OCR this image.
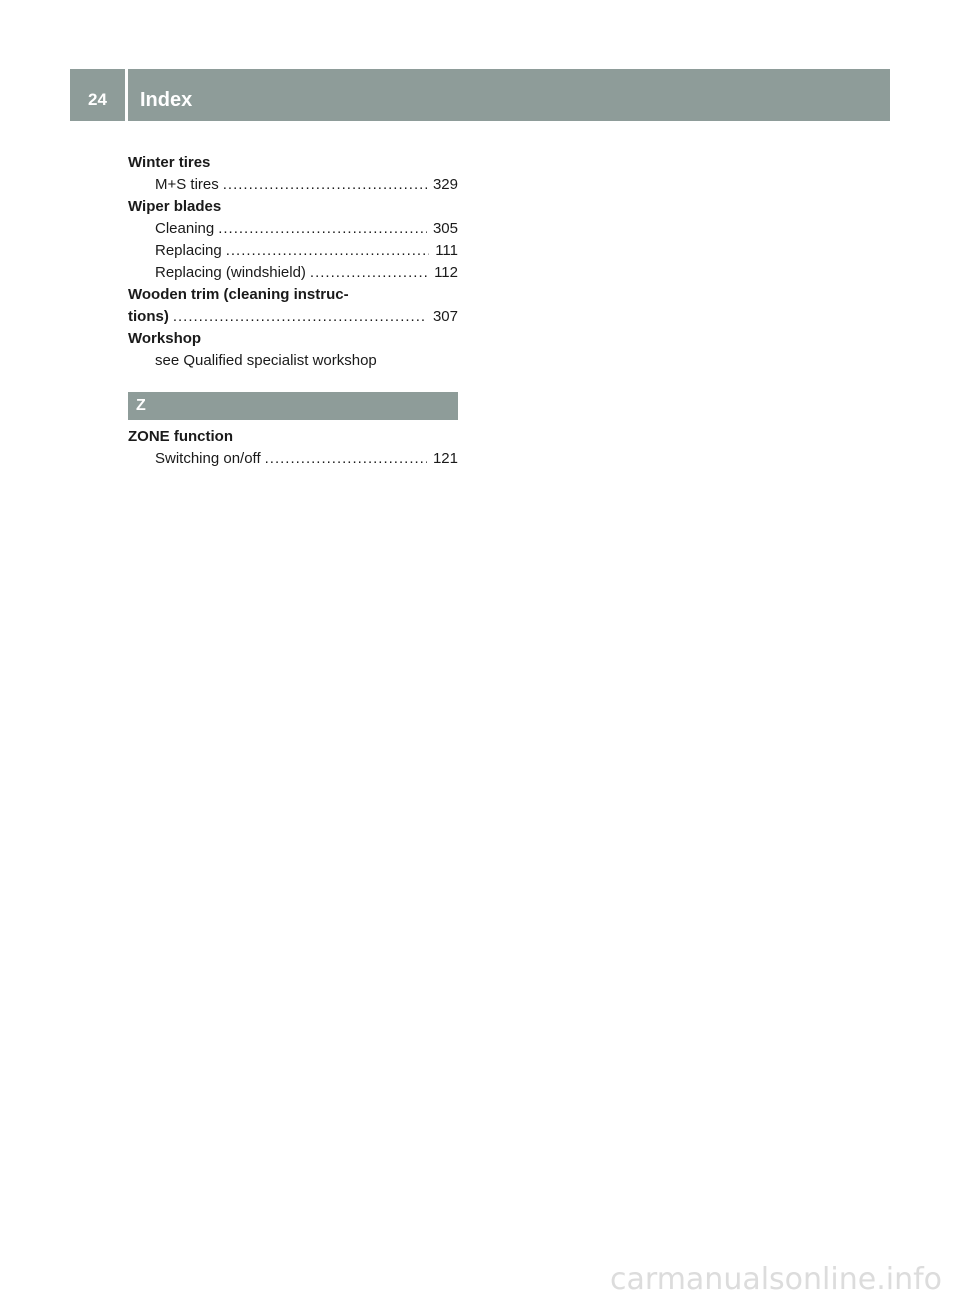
24	Index
Winter tires
M+S tires .....	329
Wiper blades
Cleaning .....	305
Replacing .....	111
Replacing (windshield) .....	112
Wooden trim (cleaning instruc-
tions) .....	307
Workshop
see Qualified specialist workshop
Z
ZONE function
Switching on/off .....	121
carmanualsonline.info
